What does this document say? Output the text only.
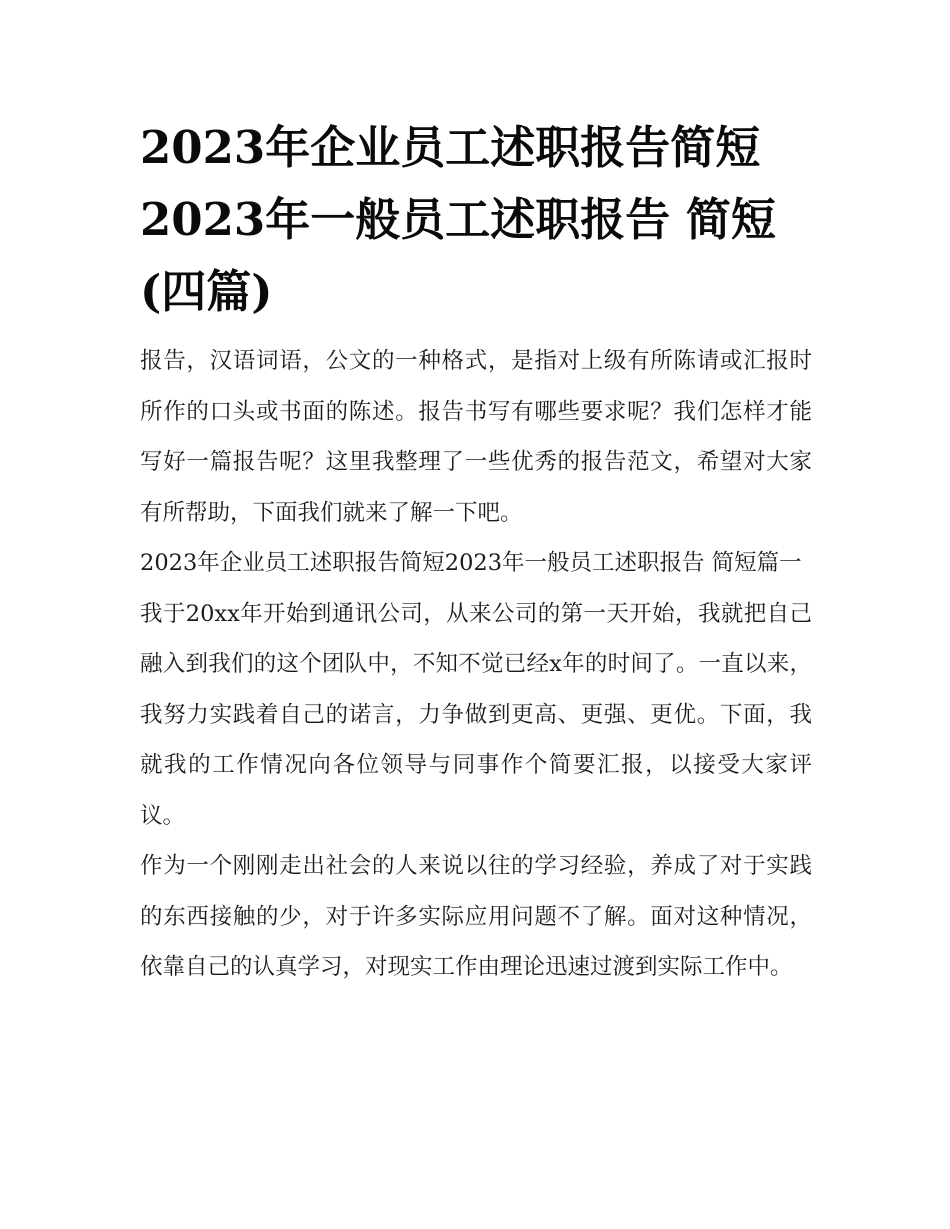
2023年企业员工述职报告简短2023年一般员工述职报告 简短(四篇)

报告，汉语词语，公文的一种格式，是指对上级有所陈请或汇报时所作的口头或书面的陈述。报告书写有哪些要求呢？我们怎样才能写好一篇报告呢？这里我整理了一些优秀的报告范文，希望对大家有所帮助，下面我们就来了解一下吧。

2023年企业员工述职报告简短2023年一般员工述职报告 简短篇一

我于20xx年开始到通讯公司，从来公司的第一天开始，我就把自己融入到我们的这个团队中，不知不觉已经x年的时间了。一直以来，我努力实践着自己的诺言，力争做到更高、更强、更优。下面，我就我的工作情况向各位领导与同事作个简要汇报，以接受大家评议。

作为一个刚刚走出社会的人来说以往的学习经验，养成了对于实践的东西接触的少，对于许多实际应用问题不了解。面对这种情况，依靠自己的认真学习，对现实工作由理论迅速过渡到实际工作中。
